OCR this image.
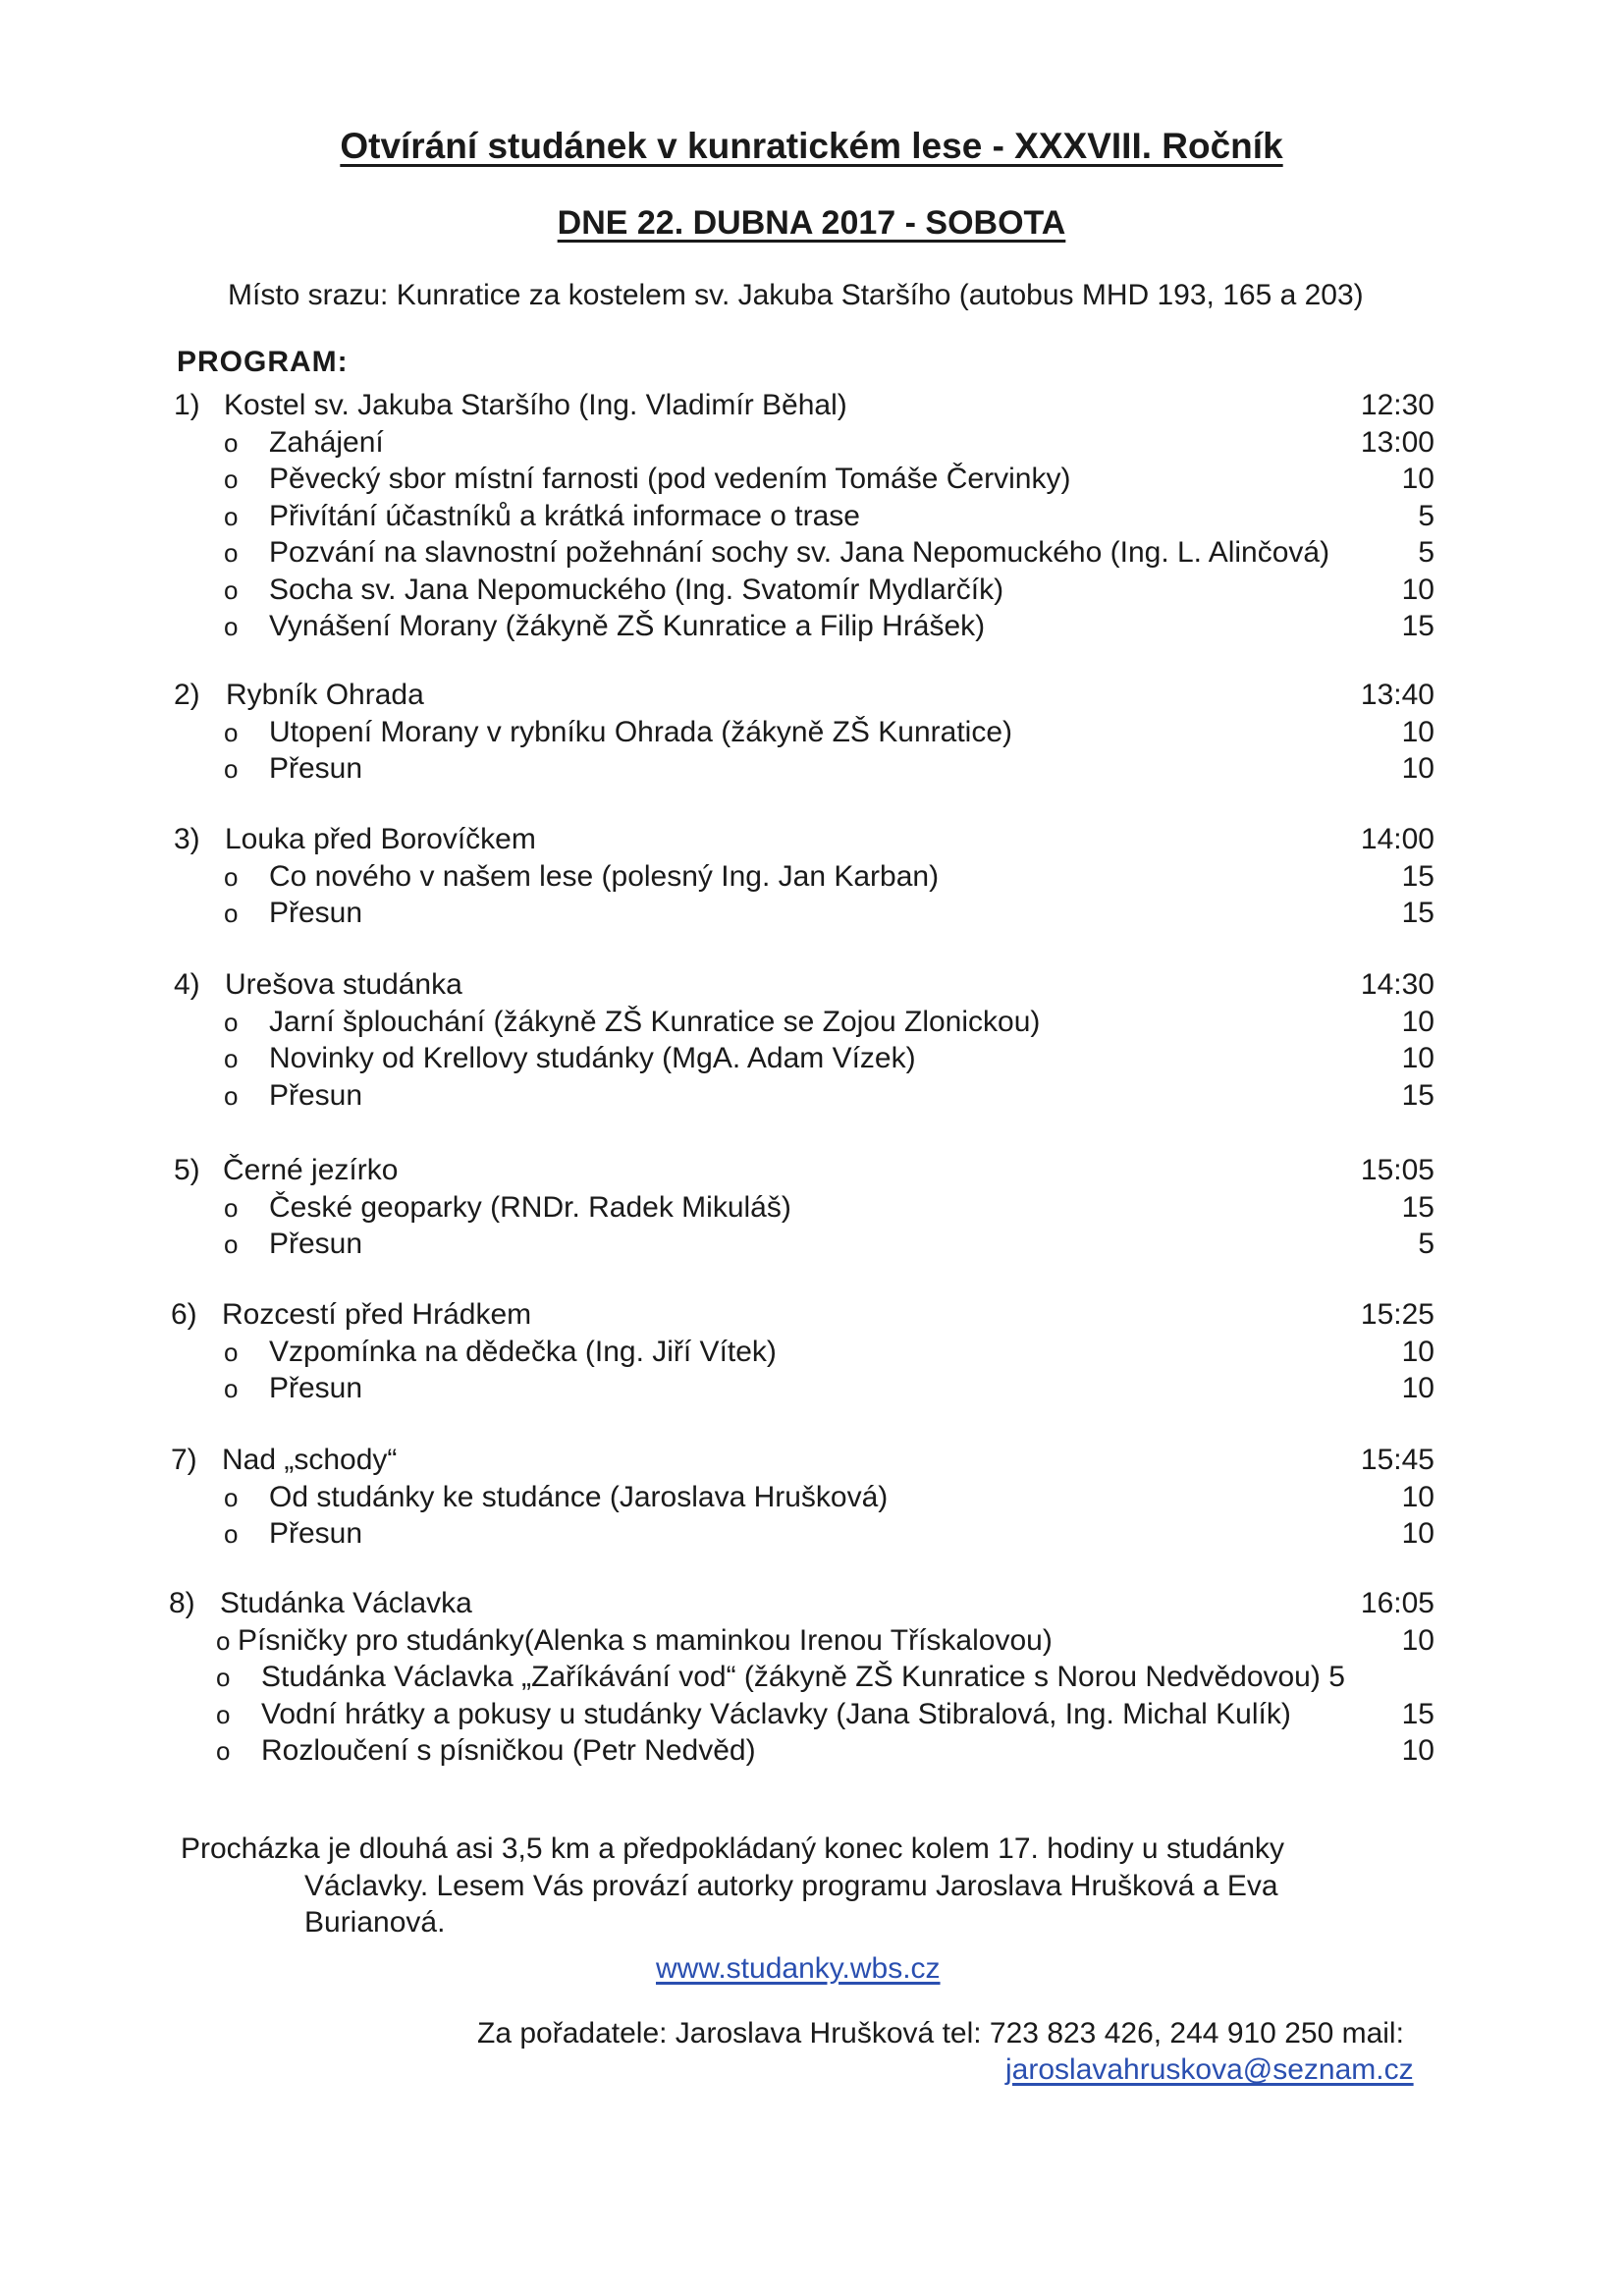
Otvírání studánek v kunratickém lese - XXXVIII. Ročník
DNE 22. DUBNA 2017 - SOBOTA
Místo srazu: Kunratice za kostelem sv. Jakuba Staršího (autobus MHD 193, 165 a 203)
PROGRAM:
1) Kostel sv. Jakuba Staršího (Ing. Vladimír Běhal)	12:30
o Zahájení	13:00
o Pěvecký sbor místní farnosti (pod vedením Tomáše Červinky)	10
o Přivítání účastníků a krátká informace o trase	5
o Pozvání na slavnostní požehnání sochy sv. Jana Nepomuckého (Ing. L. Alinčová)	5
o Socha sv. Jana Nepomuckého (Ing. Svatomír Mydlarčík)	10
o Vynášení Morany (žákyně ZŠ Kunratice a Filip Hrášek)	15
2) Rybník Ohrada	13:40
o Utopení Morany v rybníku Ohrada (žákyně ZŠ Kunratice)	10
o Přesun	10
3) Louka před Borovíčkem	14:00
o Co nového v našem lese (polesný Ing. Jan Karban)	15
o Přesun	15
4) Urešova studánka	14:30
o Jarní šplouchání (žákyně ZŠ Kunratice se Zojou Zlonickou)	10
o Novinky od Krellovy studánky (MgA. Adam Vízek)	10
o Přesun	15
5) Černé jezírko	15:05
o České geoparky (RNDr. Radek Mikuláš)	15
o Přesun	5
6) Rozcestí před Hrádkem	15:25
o Vzpomínka na dědečka (Ing. Jiří Vítek)	10
o Přesun	10
7) Nad „schody“	15:45
o Od studánky ke studánce (Jaroslava Hrušková)	10
o Přesun	10
8) Studánka Václavka	16:05
o Písničky pro studánky(Alenka s maminkou Irenou Třískalovou)	10
o Studánka Václavka „Zaříkávání vod“ (žákyně ZŠ Kunratice s Norou Nedvědovou) 5
o Vodní hrátky a pokusy u studánky Václavky (Jana Stibralová, Ing. Michal Kulík)	15
o Rozloučení s písničkou (Petr Nedvěd)	10
Procházka je dlouhá asi 3,5 km a předpokládaný konec kolem 17. hodiny u studánky
Václavky. Lesem Vás provází autorky programu Jaroslava Hrušková a Eva
Burianová.
www.studanky.wbs.cz
Za pořadatele: Jaroslava Hrušková tel: 723 823 426, 244 910 250 mail:
jaroslavahruskova@seznam.cz
